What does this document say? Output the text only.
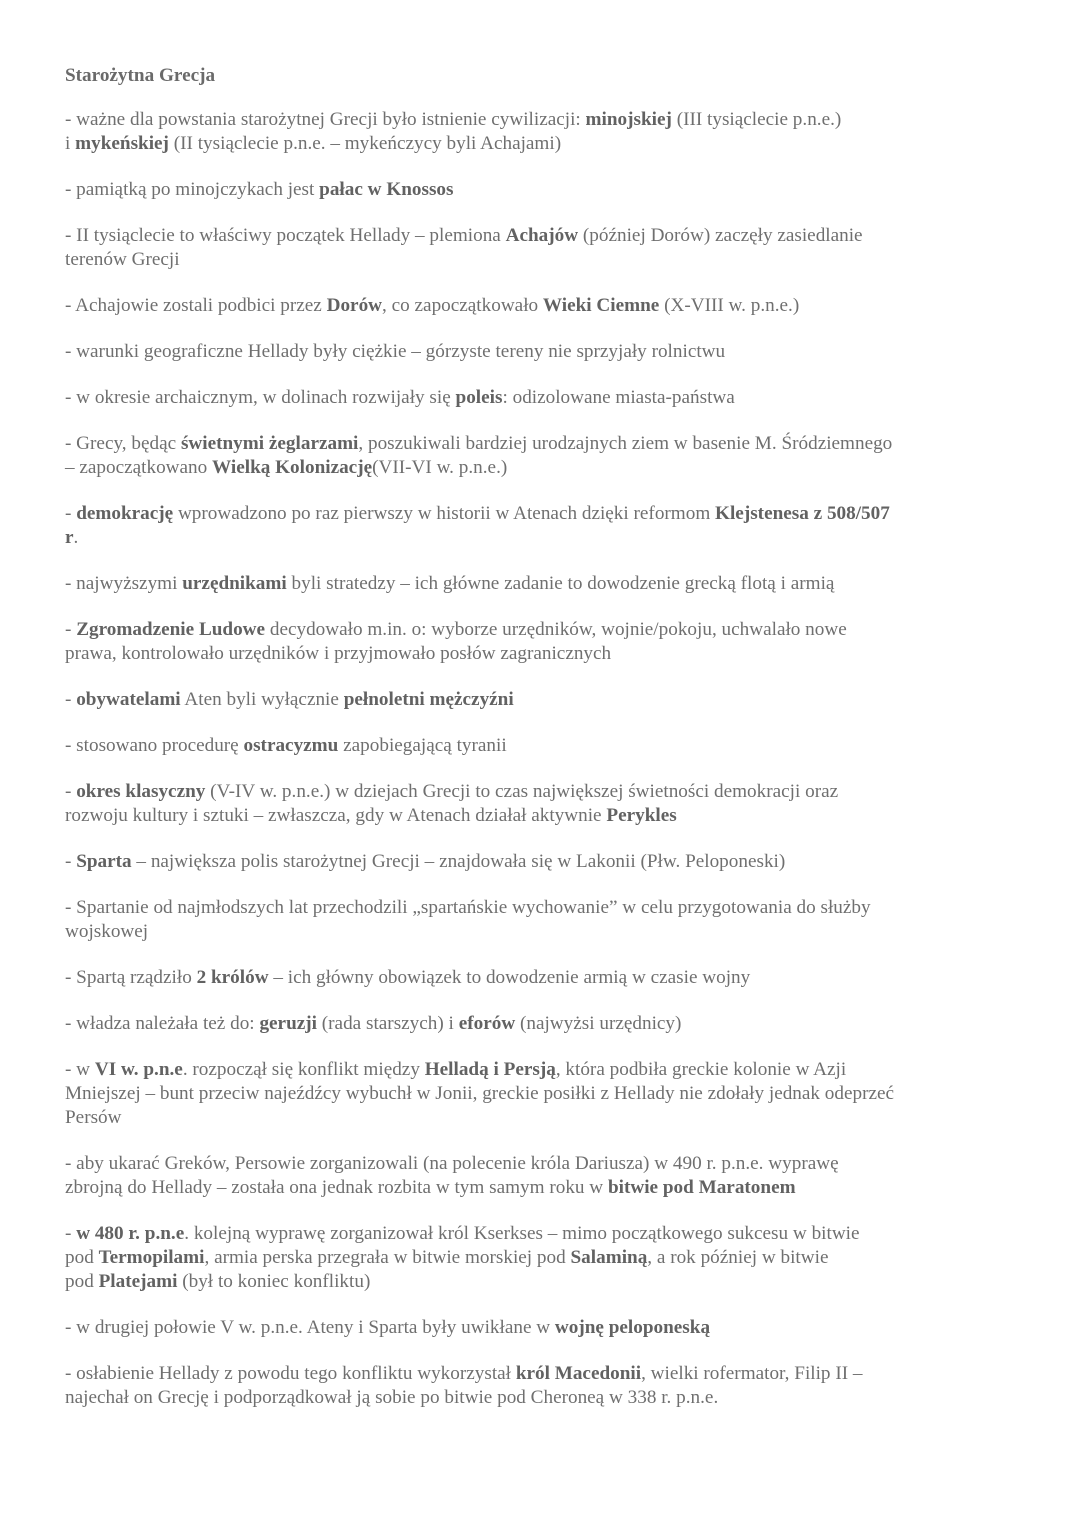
Starożytna Grecja
- ważne dla powstania starożytnej Grecji było istnienie cywilizacji: minojskiej (III tysiąclecie p.n.e.)
i mykeńskiej (II tysiąclecie p.n.e. – mykeńczycy byli Achajami)
- pamiątką po minojczykach jest pałac w Knossos
- II tysiąclecie to właściwy początek Hellady – plemiona Achajów (później Dorów) zaczęły zasiedlanie
terenów Grecji
- Achajowie zostali podbici przez Dorów, co zapoczątkowało Wieki Ciemne (X-VIII w. p.n.e.)
- warunki geograficzne Hellady były ciężkie – górzyste tereny nie sprzyjały rolnictwu
- w okresie archaicznym, w dolinach rozwijały się poleis: odizolowane miasta-państwa
- Grecy, będąc świetnymi żeglarzami, poszukiwali bardziej urodzajnych ziem w basenie M. Śródziemnego
– zapoczątkowano Wielką Kolonizację(VII-VI w. p.n.e.)
- demokrację wprowadzono po raz pierwszy w historii w Atenach dzięki reformom Klejstenesa z 508/507
r.
- najwyższymi urzędnikami byli stratedzy – ich główne zadanie to dowodzenie grecką flotą i armią
- Zgromadzenie Ludowe decydowało m.in. o: wyborze urzędników, wojnie/pokoju, uchwalało nowe
prawa, kontrolowało urzędników i przyjmowało posłów zagranicznych
- obywatelami Aten byli wyłącznie pełnoletni mężczyźni
- stosowano procedurę ostracyzmu zapobiegającą tyranii
- okres klasyczny (V-IV w. p.n.e.) w dziejach Grecji to czas największej świetności demokracji oraz
rozwoju kultury i sztuki – zwłaszcza, gdy w Atenach działał aktywnie Perykles
- Sparta – największa polis starożytnej Grecji – znajdowała się w Lakonii (Płw. Peloponeski)
- Spartanie od najmłodszych lat przechodzili „spartańskie wychowanie” w celu przygotowania do służby
wojskowej
- Spartą rządziło 2 królów – ich główny obowiązek to dowodzenie armią w czasie wojny
- władza należała też do: geruzji (rada starszych) i eforów (najwyżsi urzędnicy)
- w VI w. p.n.e. rozpoczął się konflikt między Helladą i Persją, która podbiła greckie kolonie w Azji
Mniejszej – bunt przeciw najeźdźcy wybuchł w Jonii, greckie posiłki z Hellady nie zdołały jednak odeprzeć
Persów
- aby ukarać Greków, Persowie zorganizowali (na polecenie króla Dariusza) w 490 r. p.n.e. wyprawę
zbrojną do Hellady – została ona jednak rozbita w tym samym roku w bitwie pod Maratonem
- w 480 r. p.n.e. kolejną wyprawę zorganizował król Kserkses – mimo początkowego sukcesu w bitwie
pod Termopilami, armia perska przegrała w bitwie morskiej pod Salaminą, a rok później w bitwie
pod Platejami (był to koniec konfliktu)
- w drugiej połowie V w. p.n.e. Ateny i Sparta były uwikłane w wojnę peloponeską
- osłabienie Hellady z powodu tego konfliktu wykorzystał król Macedonii, wielki rofermator, Filip II –
najechał on Grecję i podporządkował ją sobie po bitwie pod Cheroneą w 338 r. p.n.e.
